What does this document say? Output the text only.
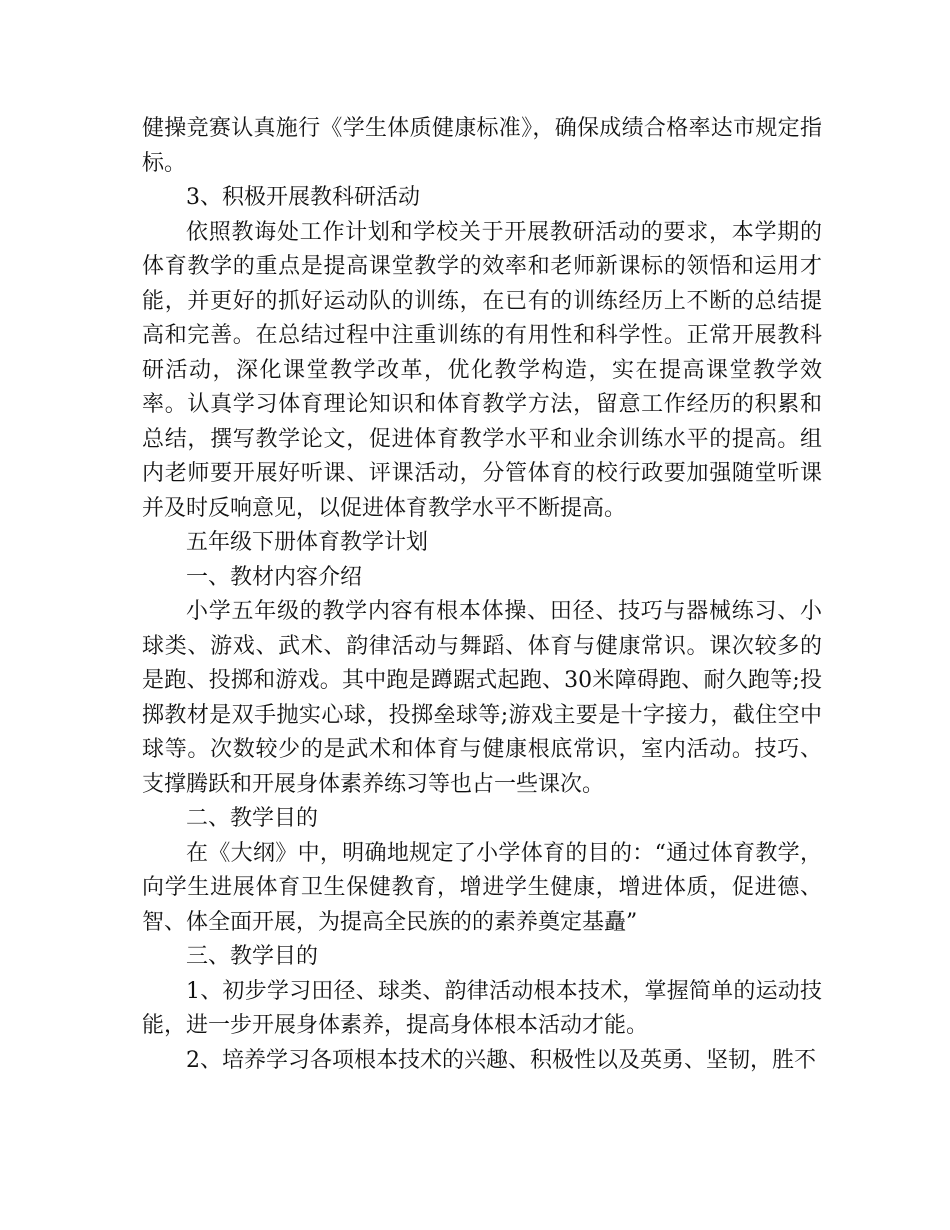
健操竞赛认真施行《学生体质健康标准》，确保成绩合格率达市规定指标。

3、积极开展教科研活动

依照教诲处工作计划和学校关于开展教研活动的要求，本学期的体育教学的重点是提高课堂教学的效率和老师新课标的领悟和运用才能，并更好的抓好运动队的训练，在已有的训练经历上不断的总结提高和完善。在总结过程中注重训练的有用性和科学性。正常开展教科研活动，深化课堂教学改革，优化教学构造，实在提高课堂教学效率。认真学习体育理论知识和体育教学方法，留意工作经历的积累和总结，撰写教学论文，促进体育教学水平和业余训练水平的提高。组内老师要开展好听课、评课活动，分管体育的校行政要加强随堂听课并及时反响意见，以促进体育教学水平不断提高。

五年级下册体育教学计划

一、教材内容介绍

小学五年级的教学内容有根本体操、田径、技巧与器械练习、小球类、游戏、武术、韵律活动与舞蹈、体育与健康常识。课次较多的是跑、投掷和游戏。其中跑是蹲踞式起跑、30米障碍跑、耐久跑等;投掷教材是双手抛实心球，投掷垒球等;游戏主要是十字接力，截住空中球等。次数较少的是武术和体育与健康根底常识，室内活动。技巧、支撑腾跃和开展身体素养练习等也占一些课次。

二、教学目的

在《大纲》中，明确地规定了小学体育的目的：“通过体育教学，向学生进展体育卫生保健教育，增进学生健康，增进体质，促进德、智、体全面开展，为提高全民族的的素养奠定基矗”

三、教学目的

1、初步学习田径、球类、韵律活动根本技术，掌握简单的运动技能，进一步开展身体素养，提高身体根本活动才能。

2、培养学习各项根本技术的兴趣、积极性以及英勇、坚韧，胜不
